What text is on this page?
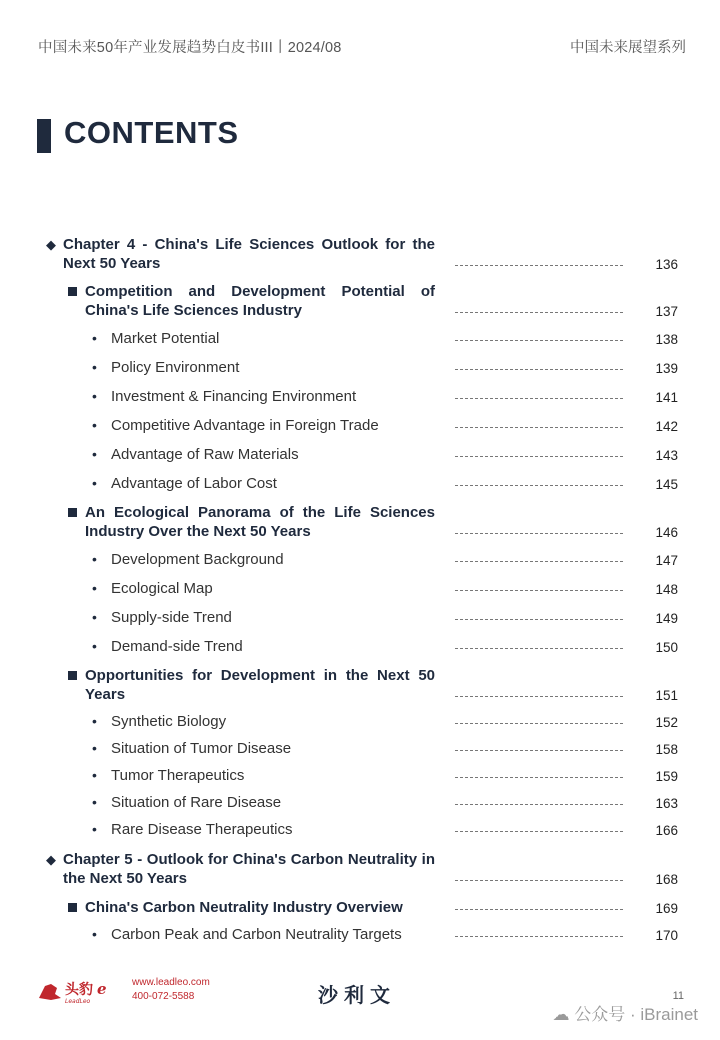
中国未来50年产业发展趋势白皮书III丨2024/08	中国未来展望系列
CONTENTS
◆ Chapter 4 - China's Life Sciences Outlook for the Next 50 Years	136
Competition and Development Potential of China's Life Sciences Industry	137
• Market Potential	138
• Policy Environment	139
• Investment & Financing Environment	141
• Competitive Advantage in Foreign Trade	142
• Advantage of Raw Materials	143
• Advantage of Labor Cost	145
An Ecological Panorama of the Life Sciences Industry Over the Next 50 Years	146
• Development Background	147
• Ecological Map	148
• Supply-side Trend	149
• Demand-side Trend	150
Opportunities for Development in the Next 50 Years	151
• Synthetic Biology	152
• Situation of Tumor Disease	158
• Tumor Therapeutics	159
• Situation of Rare Disease	163
• Rare Disease Therapeutics	166
◆ Chapter 5 - Outlook for China's Carbon Neutrality in the Next 50 Years	168
China's Carbon Neutrality Industry Overview	169
• Carbon Peak and Carbon Neutrality Targets	170
头豹
LeadLeo
e	www.leadleo.com
400-072-5588	沙利文	11
☁ 公众号 · iBrainet
